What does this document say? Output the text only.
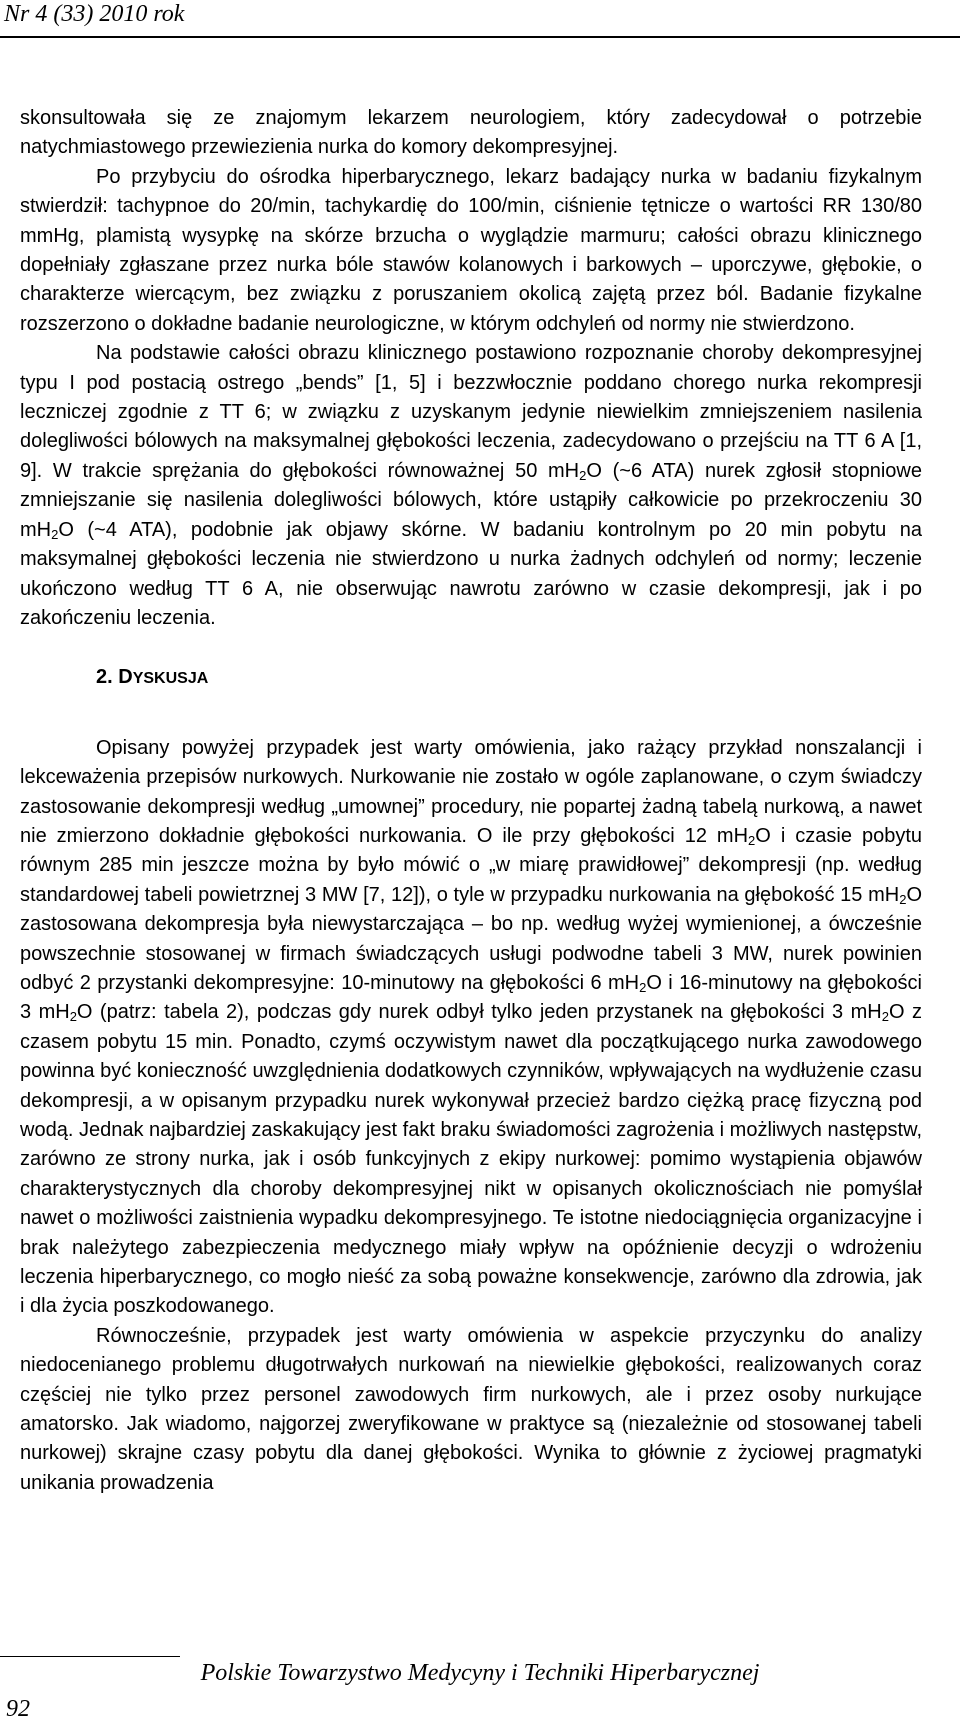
Nr 4 (33) 2010 rok

skonsultowała się ze znajomym lekarzem neurologiem, który zadecydował o potrzebie natychmiastowego przewiezienia nurka do komory dekompresyjnej.

Po przybyciu do ośrodka hiperbarycznego, lekarz badający nurka w badaniu fizykalnym stwierdził: tachypnoe do 20/min, tachykardię do 100/min, ciśnienie tętnicze o wartości RR 130/80 mmHg, plamistą wysypkę na skórze brzucha o wyglądzie marmuru; całości obrazu klinicznego dopełniały zgłaszane przez nurka bóle stawów kolanowych i barkowych – uporczywe, głębokie, o charakterze wiercącym, bez związku z poruszaniem okolicą zajętą przez ból. Badanie fizykalne rozszerzono o dokładne badanie neurologiczne, w którym odchyleń od normy nie stwierdzono.

Na podstawie całości obrazu klinicznego postawiono rozpoznanie choroby dekompresyjnej typu I pod postacią ostrego „bends” [1, 5] i bezzwłocznie poddano chorego nurka rekompresji leczniczej zgodnie z TT 6; w związku z uzyskanym jedynie niewielkim zmniejszeniem nasilenia dolegliwości bólowych na maksymalnej głębokości leczenia, zadecydowano o przejściu na TT 6 A [1, 9]. W trakcie sprężania do głębokości równoważnej 50 $mH_2O$ (~6 ATA) nurek zgłosił stopniowe zmniejszanie się nasilenia dolegliwości bólowych, które ustąpiły całkowicie po przekroczeniu 30 $mH_2O$ (~4 ATA), podobnie jak objawy skórne. W badaniu kontrolnym po 20 min pobytu na maksymalnej głębokości leczenia nie stwierdzono u nurka żadnych odchyleń od normy; leczenie ukończono według TT 6 A, nie obserwując nawrotu zarówno w czasie dekompresji, jak i po zakończeniu leczenia.

2. DYSKUSJA

Opisany powyżej przypadek jest warty omówienia, jako rażący przykład nonszalancji i lekceważenia przepisów nurkowych. Nurkowanie nie zostało w ogóle zaplanowane, o czym świadczy zastosowanie dekompresji według „umownej” procedury, nie popartej żadną tabelą nurkową, a nawet nie zmierzono dokładnie głębokości nurkowania. O ile przy głębokości 12 $mH_2O$ i czasie pobytu równym 285 min jeszcze można by było mówić o „w miarę prawidłowej” dekompresji (np. według standardowej tabeli powietrznej 3 MW [7, 12]), o tyle w przypadku nurkowania na głębokość 15 $mH_2O$ zastosowana dekompresja była niewystarczająca – bo np. według wyżej wymienionej, a ówcześnie powszechnie stosowanej w firmach świadczących usługi podwodne tabeli 3 MW, nurek powinien odbyć 2 przystanki dekompresyjne: 10-minutowy na głębokości 6 $mH_2O$ i 16-minutowy na głębokości 3 $mH_2O$ (patrz: tabela 2), podczas gdy nurek odbył tylko jeden przystanek na głębokości 3 $mH_2O$ z czasem pobytu 15 min. Ponadto, czymś oczywistym nawet dla początkującego nurka zawodowego powinna być konieczność uwzględnienia dodatkowych czynników, wpływających na wydłużenie czasu dekompresji, a w opisanym przypadku nurek wykonywał przecież bardzo ciężką pracę fizyczną pod wodą. Jednak najbardziej zaskakujący jest fakt braku świadomości zagrożenia i możliwych następstw, zarówno ze strony nurka, jak i osób funkcyjnych z ekipy nurkowej: pomimo wystąpienia objawów charakterystycznych dla choroby dekompresyjnej nikt w opisanych okolicznościach nie pomyślał nawet o możliwości zaistnienia wypadku dekompresyjnego. Te istotne niedociągnięcia organizacyjne i brak należytego zabezpieczenia medycznego miały wpływ na opóźnienie decyzji o wdrożeniu leczenia hiperbarycznego, co mogło nieść za sobą poważne konsekwencje, zarówno dla zdrowia, jak i dla życia poszkodowanego.

Równocześnie, przypadek jest warty omówienia w aspekcie przyczynku do analizy niedocenianego problemu długotrwałych nurkowań na niewielkie głębokości, realizowanych coraz częściej nie tylko przez personel zawodowych firm nurkowych, ale i przez osoby nurkujące amatorsko. Jak wiadomo, najgorzej zweryfikowane w praktyce są (niezależnie od stosowanej tabeli nurkowej) skrajne czasy pobytu dla danej głębokości. Wynika to głównie z życiowej pragmatyki unikania prowadzenia

Polskie Towarzystwo Medycyny i Techniki Hiperbarycznej
92
